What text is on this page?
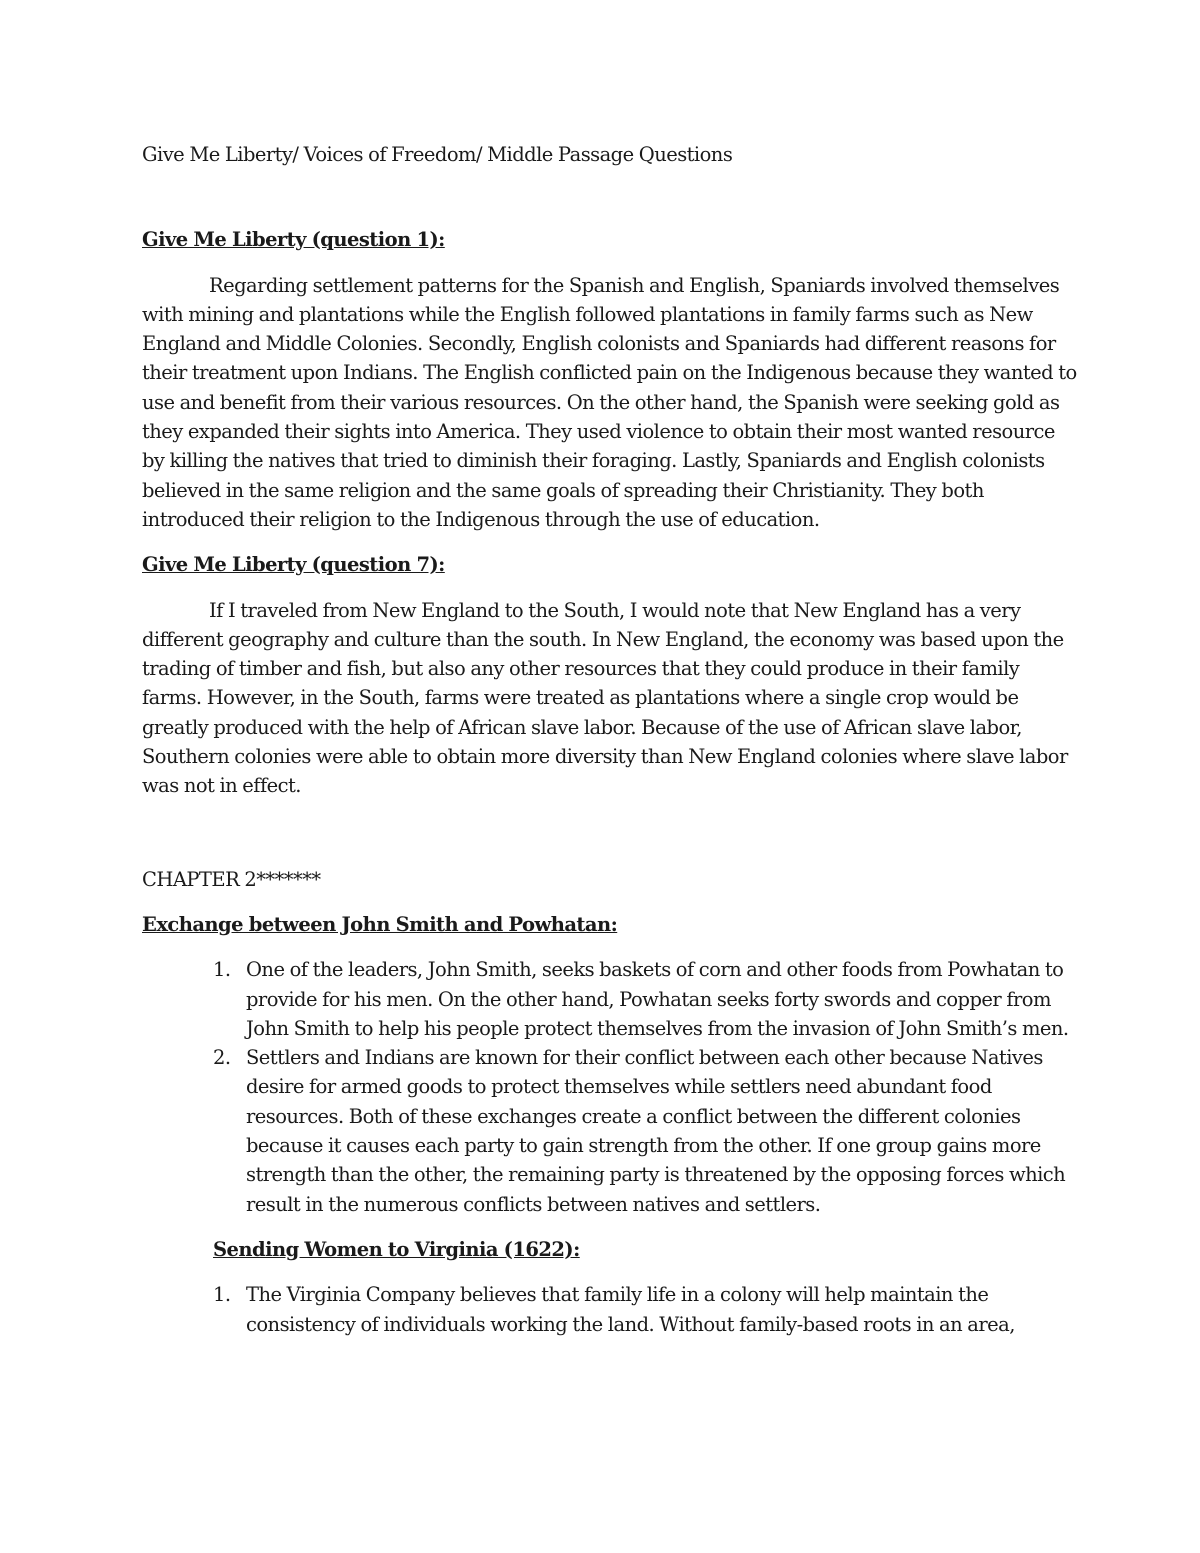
Give Me Liberty/ Voices of Freedom/ Middle Passage Questions

Give Me Liberty (question 1):

Regarding settlement patterns for the Spanish and English, Spaniards involved themselves with mining and plantations while the English followed plantations in family farms such as New England and Middle Colonies. Secondly, English colonists and Spaniards had different reasons for their treatment upon Indians. The English conflicted pain on the Indigenous because they wanted to use and benefit from their various resources. On the other hand, the Spanish were seeking gold as they expanded their sights into America. They used violence to obtain their most wanted resource by killing the natives that tried to diminish their foraging. Lastly, Spaniards and English colonists believed in the same religion and the same goals of spreading their Christianity. They both introduced their religion to the Indigenous through the use of education.

Give Me Liberty (question 7):

If I traveled from New England to the South, I would note that New England has a very different geography and culture than the south. In New England, the economy was based upon the trading of timber and fish, but also any other resources that they could produce in their family farms. However, in the South, farms were treated as plantations where a single crop would be greatly produced with the help of African slave labor. Because of the use of African slave labor, Southern colonies were able to obtain more diversity than New England colonies where slave labor was not in effect.

CHAPTER 2*******

Exchange between John Smith and Powhatan:
1. One of the leaders, John Smith, seeks baskets of corn and other foods from Powhatan to provide for his men. On the other hand, Powhatan seeks forty swords and copper from John Smith to help his people protect themselves from the invasion of John Smith’s men.
2. Settlers and Indians are known for their conflict between each other because Natives desire for armed goods to protect themselves while settlers need abundant food resources. Both of these exchanges create a conflict between the different colonies because it causes each party to gain strength from the other. If one group gains more strength than the other, the remaining party is threatened by the opposing forces which result in the numerous conflicts between natives and settlers.
Sending Women to Virginia (1622):
1. The Virginia Company believes that family life in a colony will help maintain the consistency of individuals working the land. Without family-based roots in an area,
